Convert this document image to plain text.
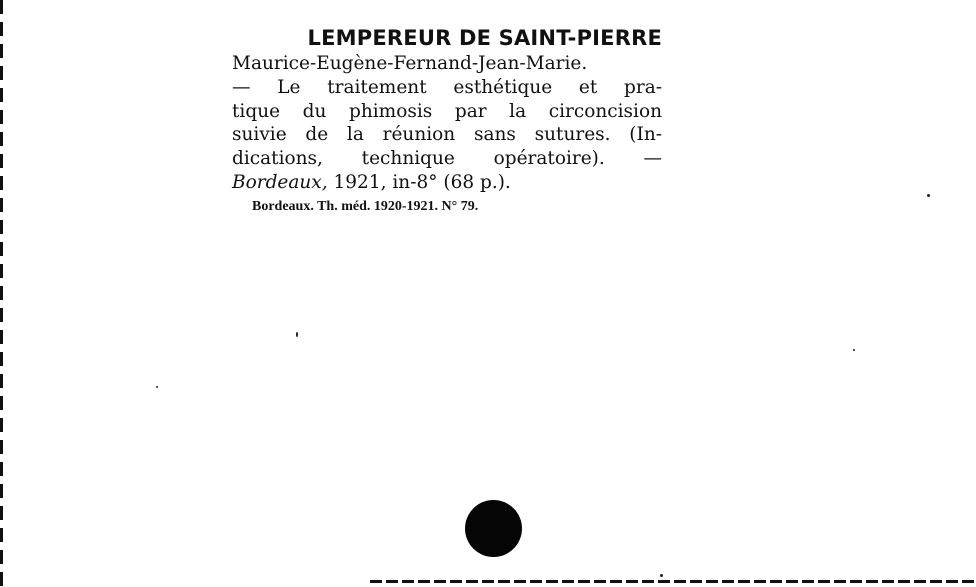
LEMPEREUR DE SAINT-PIERRE
Maurice-Eugène-Fernand-Jean-Marie.
— Le traitement esthétique et pra-
tique du phimosis par la circoncision
suivie de la réunion sans sutures. (In-
dications, technique opératoire). —
Bordeaux, 1921, in-8° (68 p.).
Bordeaux. Th. méd. 1920-1921. N° 79.
